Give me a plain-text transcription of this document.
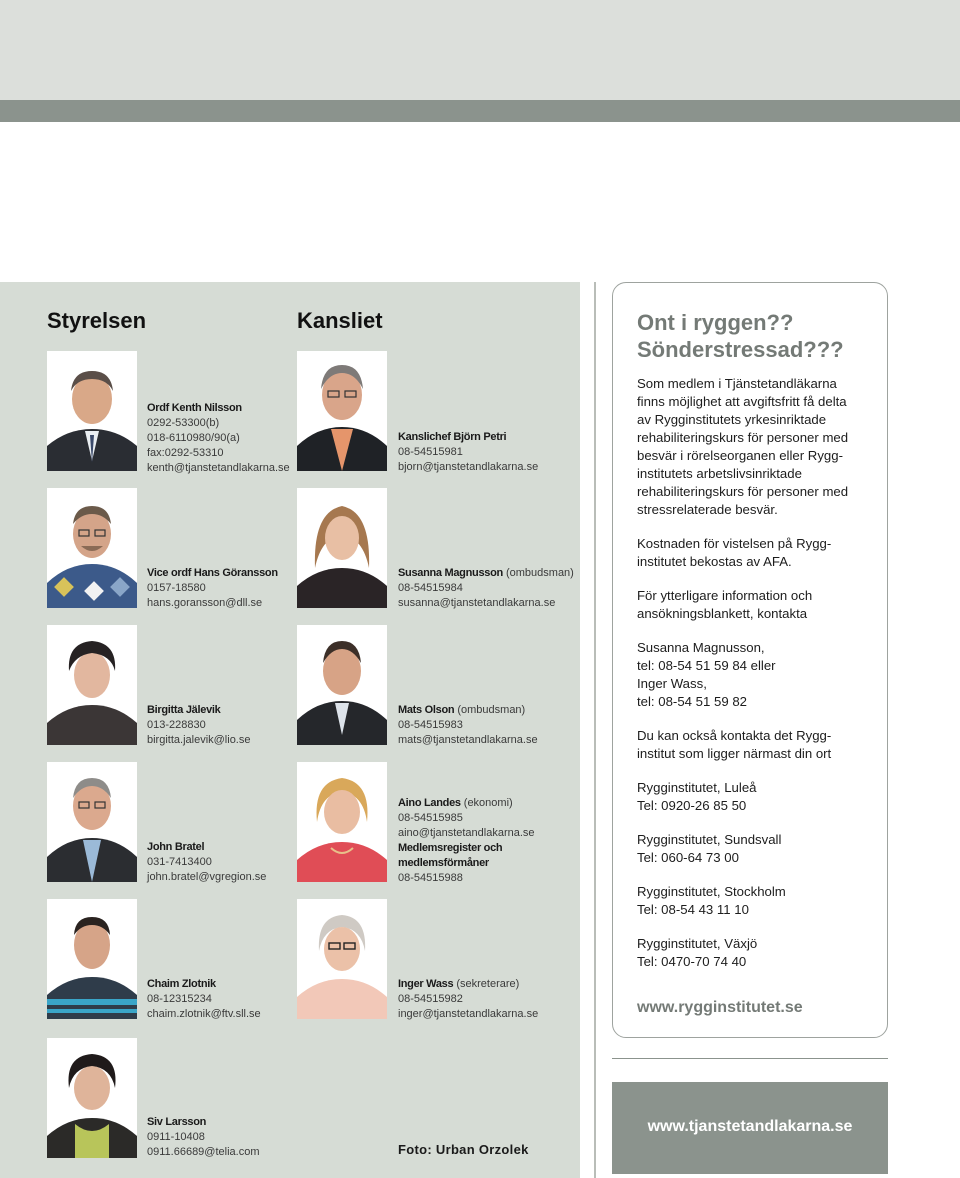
Styrelsen	Kansliet
Ordf Kenth Nilsson
0292-53300(b)
018-6110980/90(a)
fax:0292-53310
kenth@tjanstetandlakarna.se
Vice ordf Hans Göransson
0157-18580
hans.goransson@dll.se
Birgitta Jälevik
013-228830
birgitta.jalevik@lio.se
John Bratel
031-7413400
john.bratel@vgregion.se
Chaim Zlotnik
08-12315234
chaim.zlotnik@ftv.sll.se
Siv Larsson
0911-10408
0911.66689@telia.com
Kanslichef Björn Petri
08-54515981
bjorn@tjanstetandlakarna.se
Susanna Magnusson (ombudsman)
08-54515984
susanna@tjanstetandlakarna.se
Mats Olson (ombudsman)
08-54515983
mats@tjanstetandlakarna.se
Aino Landes (ekonomi)
08-54515985
aino@tjanstetandlakarna.se
Medlemsregister och
medlemsförmåner
08-54515988
Inger Wass (sekreterare)
08-54515982
inger@tjanstetandlakarna.se
Foto: Urban Orzolek
Ont i ryggen??
Sönderstressad???

Som medlem i Tjänstetandläkarna
finns möjlighet att avgiftsfritt få delta
av Rygginstitutets yrkesinriktade
rehabiliteringskurs för personer med
besvär i rörelseorganen eller Rygg-
institutets arbetslivsinriktade
rehabiliteringskurs för personer med
stressrelaterade besvär.

Kostnaden för vistelsen på Rygg-
institutet bekostas av AFA.

För ytterligare information och
ansökningsblankett, kontakta

Susanna Magnusson,
tel: 08-54 51 59 84 eller
Inger Wass,
tel: 08-54 51 59 82

Du kan också kontakta det Rygg-
institut som ligger närmast din ort

Rygginstitutet, Luleå
Tel: 0920-26 85 50

Rygginstitutet, Sundsvall
Tel: 060-64 73 00

Rygginstitutet, Stockholm
Tel: 08-54 43 11 10

Rygginstitutet, Växjö
Tel: 0470-70 74 40

www.rygginstitutet.se
www.tjanstetandlakarna.se
